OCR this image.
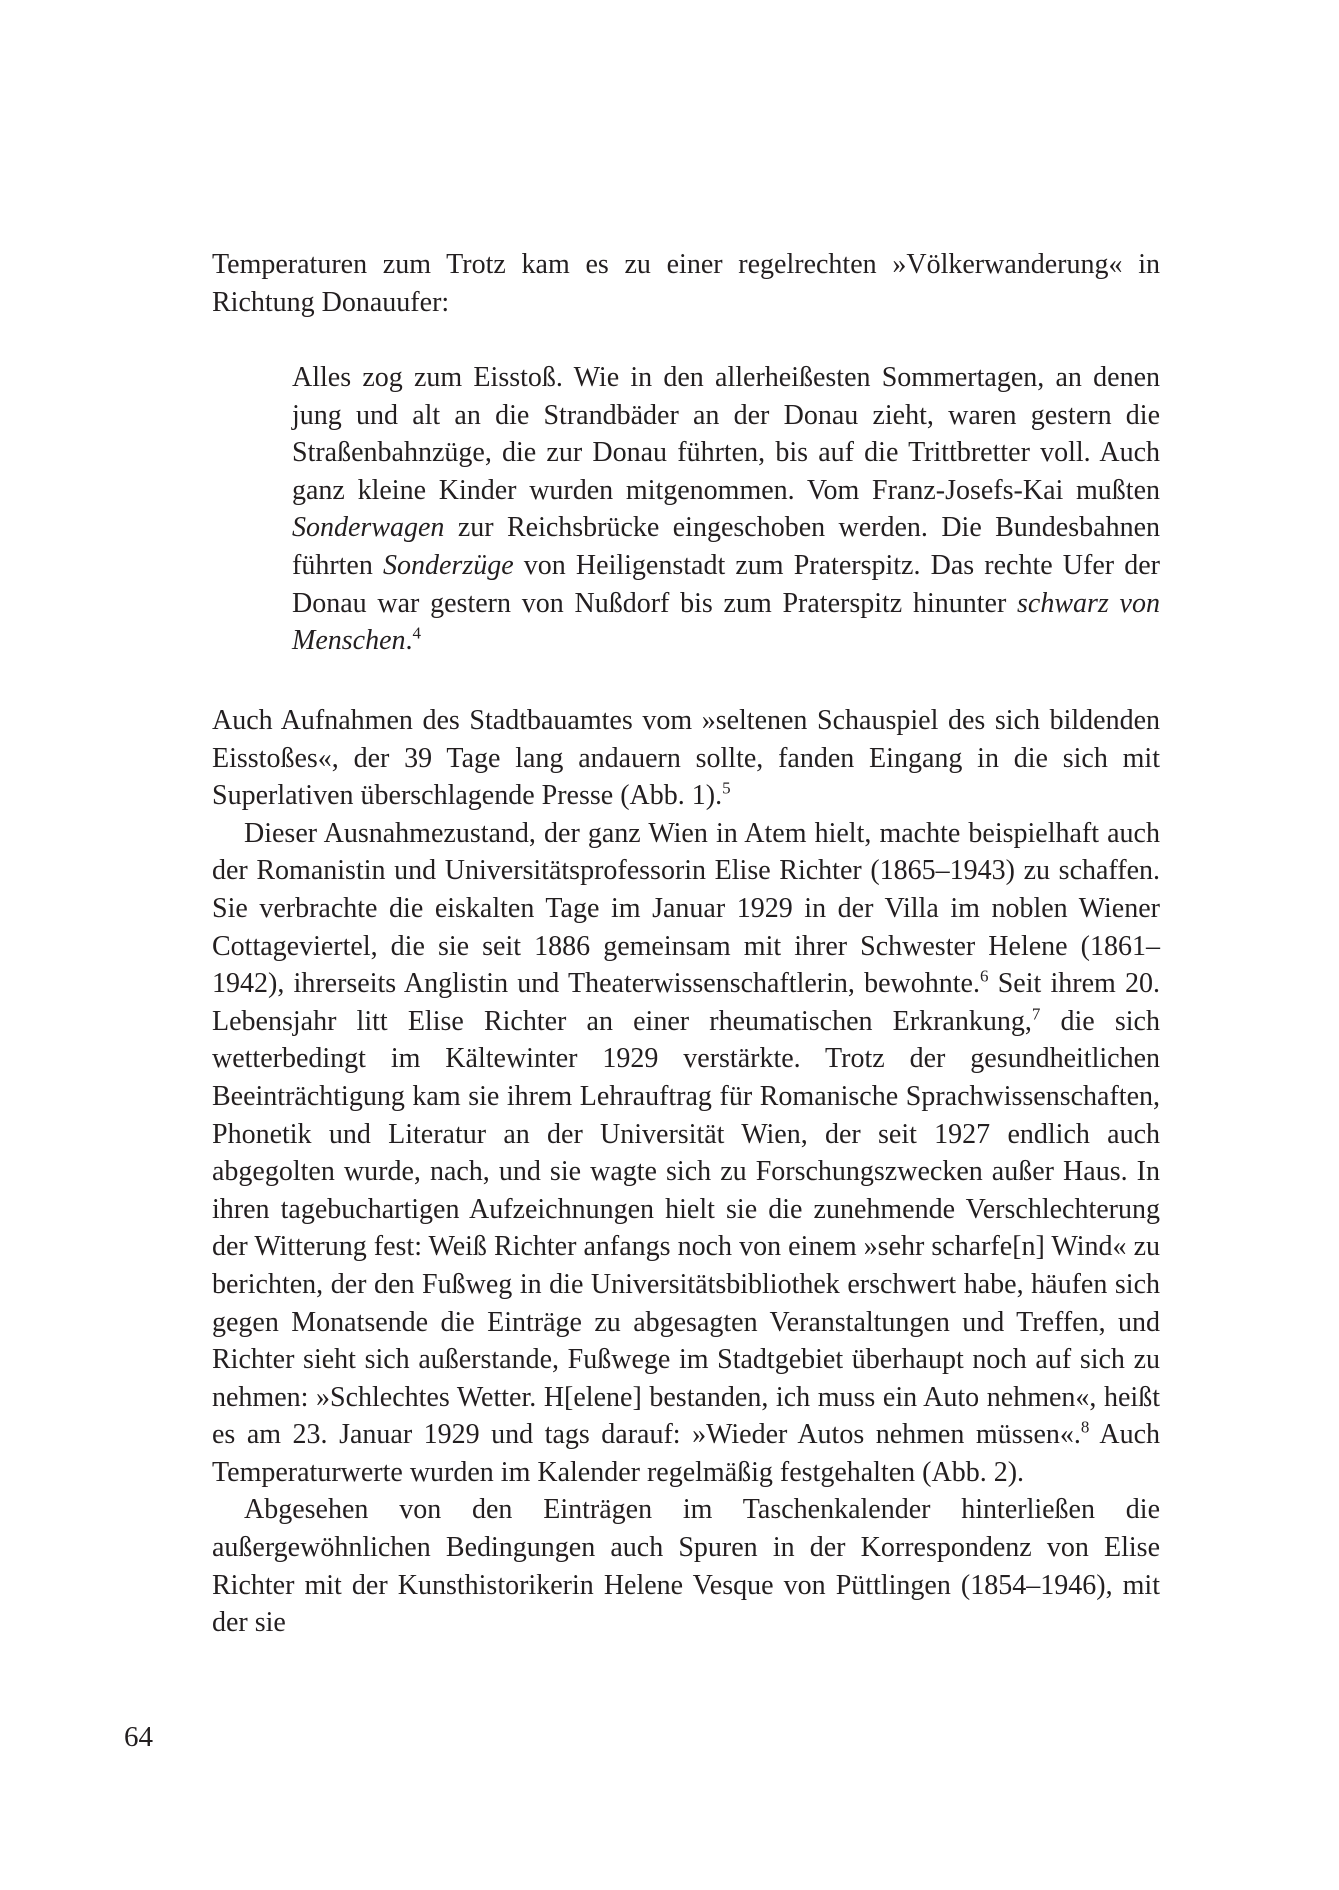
Temperaturen zum Trotz kam es zu einer regelrechten »Völkerwanderung« in Richtung Donauufer:

Alles zog zum Eisstoß. Wie in den allerheißesten Sommertagen, an denen jung und alt an die Strandbäder an der Donau zieht, waren gestern die Straßenbahnzüge, die zur Donau führten, bis auf die Trittbretter voll. Auch ganz kleine Kinder wurden mitgenommen. Vom Franz-Josefs-Kai mußten Sonderwagen zur Reichsbrücke eingeschoben werden. Die Bundesbahnen führten Sonderzüge von Heiligenstadt zum Praterspitz. Das rechte Ufer der Donau war gestern von Nußdorf bis zum Praterspitz hinunter schwarz von Menschen.$^4$

Auch Aufnahmen des Stadtbauamtes vom »seltenen Schauspiel des sich bildenden Eisstoßes«, der 39 Tage lang andauern sollte, fanden Eingang in die sich mit Superlativen überschlagende Presse (Abb. 1).$^5$

Dieser Ausnahmezustand, der ganz Wien in Atem hielt, machte beispielhaft auch der Romanistin und Universitätsprofessorin Elise Richter (1865–1943) zu schaffen. Sie verbrachte die eiskalten Tage im Januar 1929 in der Villa im noblen Wiener Cottageviertel, die sie seit 1886 gemeinsam mit ihrer Schwester Helene (1861–1942), ihrerseits Anglistin und Theaterwissenschaftlerin, bewohnte.$^6$ Seit ihrem 20. Lebensjahr litt Elise Richter an einer rheumatischen Erkrankung,$^7$ die sich wetterbedingt im Kältewinter 1929 verstärkte. Trotz der gesundheitlichen Beeinträchtigung kam sie ihrem Lehrauftrag für Romanische Sprachwissenschaften, Phonetik und Literatur an der Universität Wien, der seit 1927 endlich auch abgegolten wurde, nach, und sie wagte sich zu Forschungszwecken außer Haus. In ihren tagebuchartigen Aufzeichnungen hielt sie die zunehmende Verschlechterung der Witterung fest: Weiß Richter anfangs noch von einem »sehr scharfe[n] Wind« zu berichten, der den Fußweg in die Universitätsbibliothek erschwert habe, häufen sich gegen Monatsende die Einträge zu abgesagten Veranstaltungen und Treffen, und Richter sieht sich außerstande, Fußwege im Stadtgebiet überhaupt noch auf sich zu nehmen: »Schlechtes Wetter. H[elene] bestanden, ich muss ein Auto nehmen«, heißt es am 23. Januar 1929 und tags darauf: »Wieder Autos nehmen müssen«.$^8$ Auch Temperaturwerte wurden im Kalender regelmäßig festgehalten (Abb. 2).

Abgesehen von den Einträgen im Taschenkalender hinterließen die außergewöhnlichen Bedingungen auch Spuren in der Korrespondenz von Elise Richter mit der Kunsthistorikerin Helene Vesque von Püttlingen (1854–1946), mit der sie

64
